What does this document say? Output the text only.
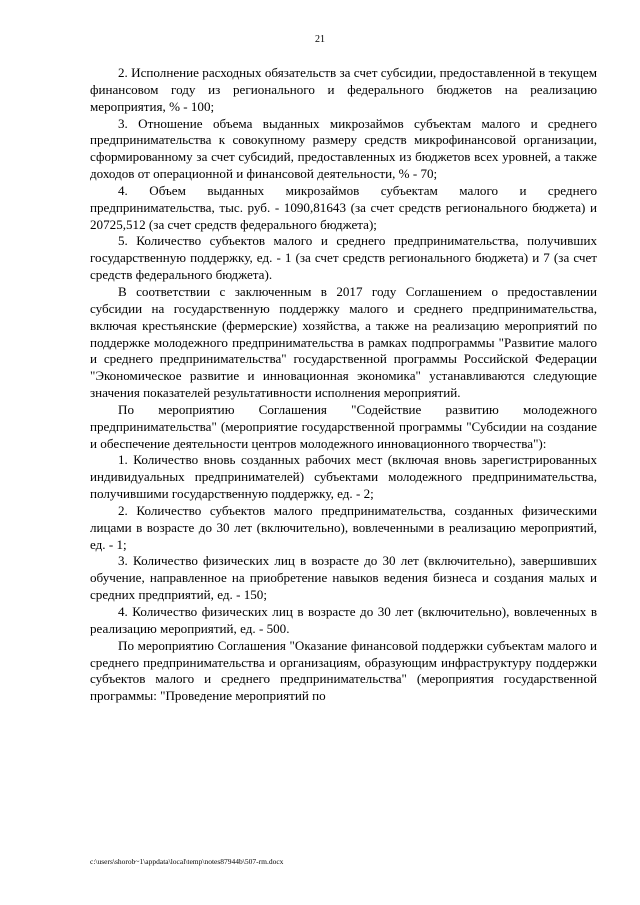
21

2. Исполнение расходных обязательств за счет субсидии, предоставленной в текущем финансовом году из регионального и федерального бюджетов на реализацию мероприятия, % - 100;

3. Отношение объема выданных микрозаймов субъектам малого и среднего предпринимательства к совокупному размеру средств микрофинансовой организации, сформированному за счет субсидий, предоставленных из бюджетов всех уровней, а также доходов от операционной и финансовой деятельности, % - 70;

4. Объем выданных микрозаймов субъектам малого и среднего предпринимательства, тыс. руб. - 1090,81643 (за счет средств регионального бюджета) и 20725,512 (за счет средств федерального бюджета);

5. Количество субъектов малого и среднего предпринимательства, получивших государственную поддержку, ед. - 1 (за счет средств регионального бюджета) и 7 (за счет средств федерального бюджета).

В соответствии с заключенным в 2017 году Соглашением о предоставлении субсидии на государственную поддержку малого и среднего предпринимательства, включая крестьянские (фермерские) хозяйства, а также на реализацию мероприятий по поддержке молодежного предпринимательства в рамках подпрограммы "Развитие малого и среднего предпринимательства" государственной программы Российской Федерации "Экономическое развитие и инновационная экономика" устанавливаются следующие значения показателей результативности исполнения мероприятий.

По мероприятию Соглашения "Содействие развитию молодежного предпринимательства" (мероприятие государственной программы "Субсидии на создание и обеспечение деятельности центров молодежного инновационного творчества"):

1. Количество вновь созданных рабочих мест (включая вновь зарегистрированных индивидуальных предпринимателей) субъектами молодежного предпринимательства, получившими государственную поддержку, ед. - 2;

2. Количество субъектов малого предпринимательства, созданных физическими лицами в возрасте до 30 лет (включительно), вовлеченными в реализацию мероприятий, ед. - 1;

3. Количество физических лиц в возрасте до 30 лет (включительно), завершивших обучение, направленное на приобретение навыков ведения бизнеса и создания малых и средних предприятий, ед. - 150;

4. Количество физических лиц в возрасте до 30 лет (включительно), вовлеченных в реализацию мероприятий, ед. - 500.

По мероприятию Соглашения "Оказание финансовой поддержки субъектам малого и среднего предпринимательства и организациям, образующим инфраструктуру поддержки субъектов малого и среднего предпринимательства" (мероприятия государственной программы: "Проведение мероприятий по

c:\users\shorob~1\appdata\local\temp\notes87944b\507-rm.docx
